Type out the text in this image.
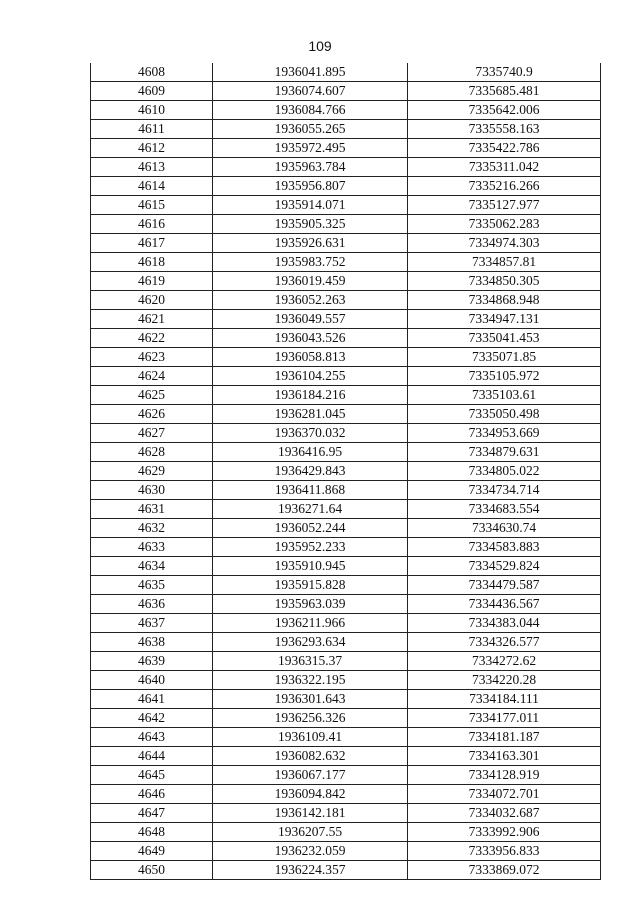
109
4608	1936041.895	7335740.9
4609	1936074.607	7335685.481
4610	1936084.766	7335642.006
4611	1936055.265	7335558.163
4612	1935972.495	7335422.786
4613	1935963.784	7335311.042
4614	1935956.807	7335216.266
4615	1935914.071	7335127.977
4616	1935905.325	7335062.283
4617	1935926.631	7334974.303
4618	1935983.752	7334857.81
4619	1936019.459	7334850.305
4620	1936052.263	7334868.948
4621	1936049.557	7334947.131
4622	1936043.526	7335041.453
4623	1936058.813	7335071.85
4624	1936104.255	7335105.972
4625	1936184.216	7335103.61
4626	1936281.045	7335050.498
4627	1936370.032	7334953.669
4628	1936416.95	7334879.631
4629	1936429.843	7334805.022
4630	1936411.868	7334734.714
4631	1936271.64	7334683.554
4632	1936052.244	7334630.74
4633	1935952.233	7334583.883
4634	1935910.945	7334529.824
4635	1935915.828	7334479.587
4636	1935963.039	7334436.567
4637	1936211.966	7334383.044
4638	1936293.634	7334326.577
4639	1936315.37	7334272.62
4640	1936322.195	7334220.28
4641	1936301.643	7334184.111
4642	1936256.326	7334177.011
4643	1936109.41	7334181.187
4644	1936082.632	7334163.301
4645	1936067.177	7334128.919
4646	1936094.842	7334072.701
4647	1936142.181	7334032.687
4648	1936207.55	7333992.906
4649	1936232.059	7333956.833
4650	1936224.357	7333869.072
